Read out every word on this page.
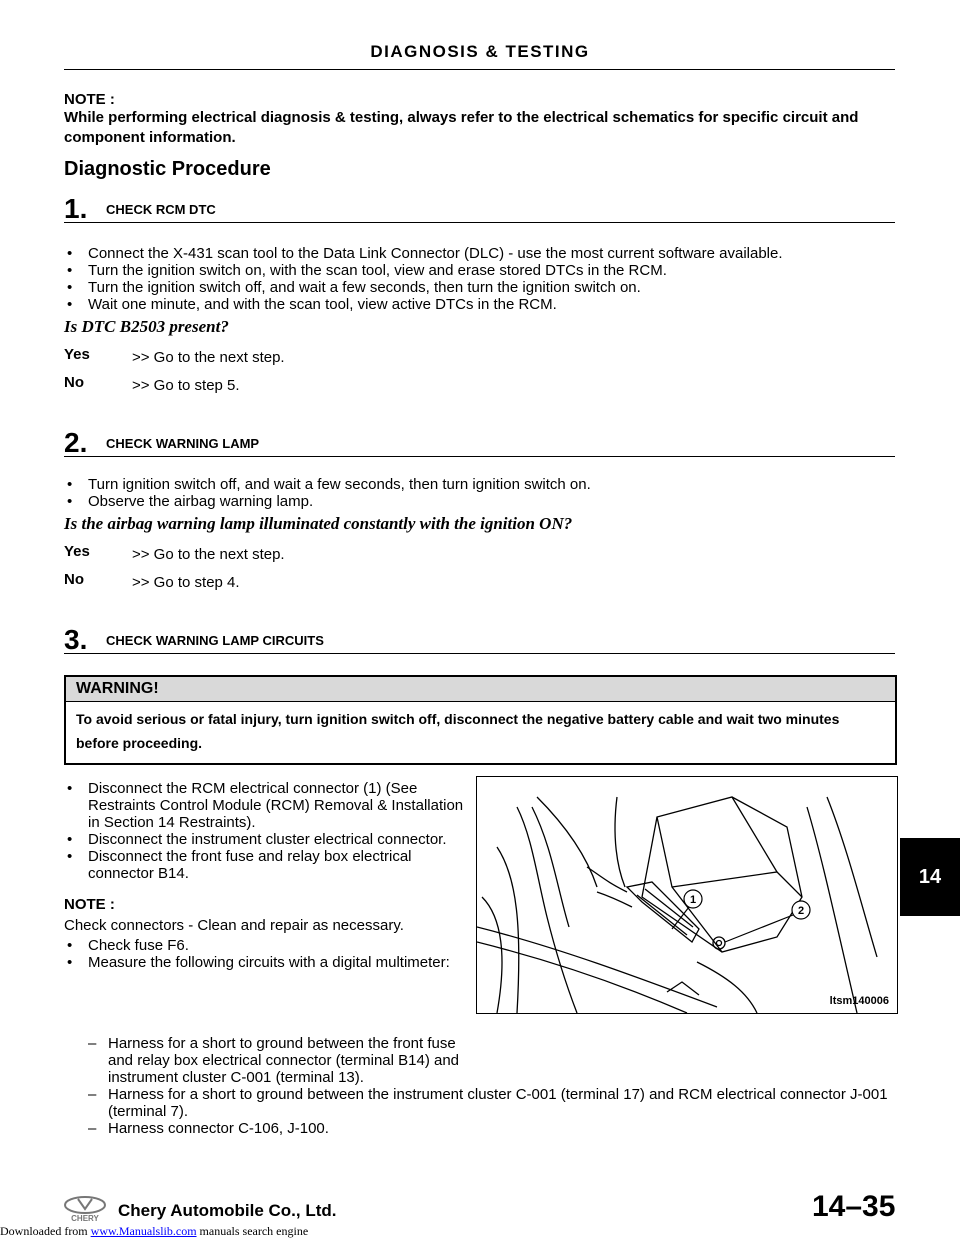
DIAGNOSIS & TESTING
NOTE :
While performing electrical diagnosis & testing, always refer to the electrical schematics for specific circuit and component information.
Diagnostic Procedure
1. CHECK RCM DTC
• Connect the X-431 scan tool to the Data Link Connector (DLC) - use the most current software available.
• Turn the ignition switch on, with the scan tool, view and erase stored DTCs in the RCM.
• Turn the ignition switch off, and wait a few seconds, then turn the ignition switch on.
• Wait one minute, and with the scan tool, view active DTCs in the RCM.
Is DTC B2503 present?
Yes	>> Go to the next step.
No	>> Go to step 5.
2. CHECK WARNING LAMP
• Turn ignition switch off, and wait a few seconds, then turn ignition switch on.
• Observe the airbag warning lamp.
Is the airbag warning lamp illuminated constantly with the ignition ON?
Yes	>> Go to the next step.
No	>> Go to step 4.
3. CHECK WARNING LAMP CIRCUITS
WARNING!
To avoid serious or fatal injury, turn ignition switch off, disconnect the negative battery cable and wait two minutes before proceeding.
• Disconnect the RCM electrical connector (1) (See Restraints Control Module (RCM) Removal & Installation in Section 14 Restraints).
• Disconnect the instrument cluster electrical connector.
• Disconnect the front fuse and relay box electrical connector B14.
NOTE :
Check connectors - Clean and repair as necessary.
• Check fuse F6.
• Measure the following circuits with a digital multimeter:
1
2
ltsm140006
– Harness for a short to ground between the front fuse and relay box electrical connector (terminal B14) and instrument cluster C-001 (terminal 13).
– Harness for a short to ground between the instrument cluster C-001 (terminal 17) and RCM electrical connector J-001 (terminal 7).
– Harness connector C-106, J-100.
14
CHERY Chery Automobile Co., Ltd.	14–35
Downloaded from www.Manualslib.com manuals search engine
